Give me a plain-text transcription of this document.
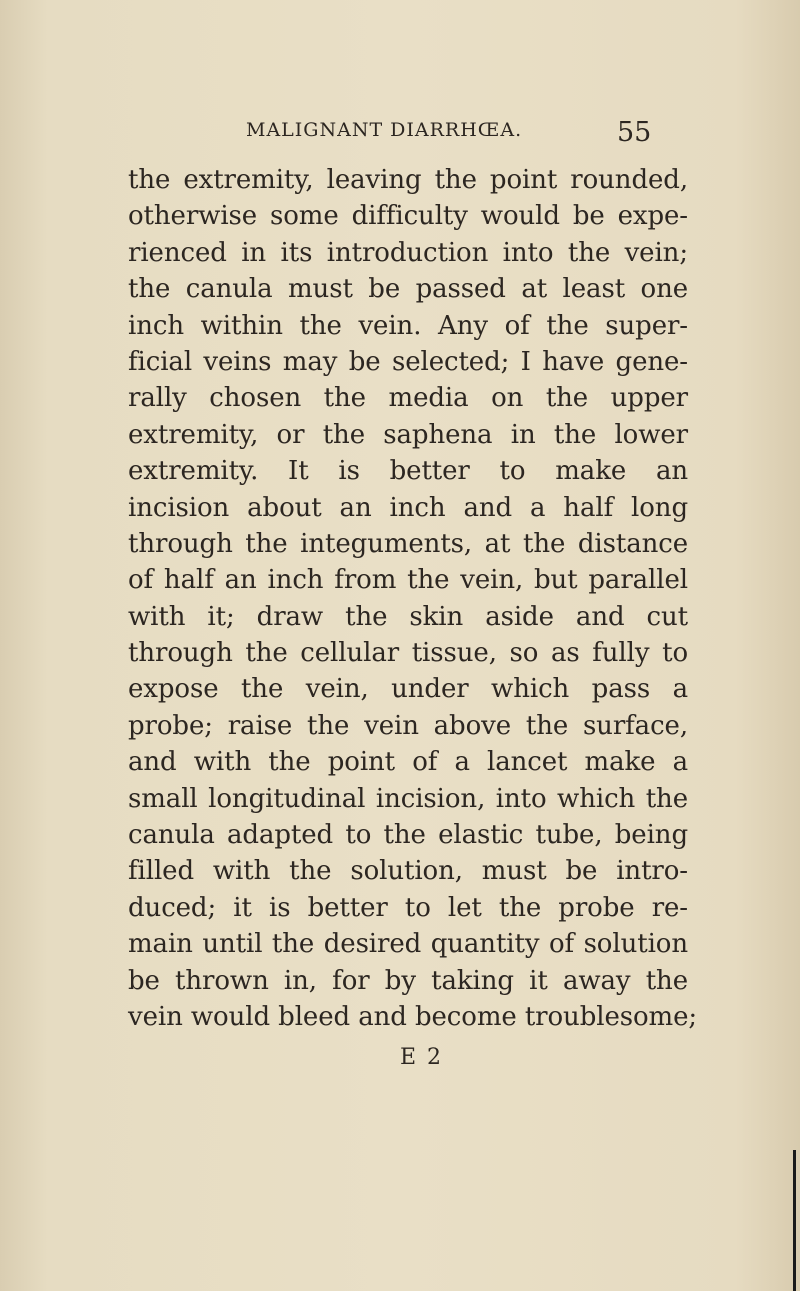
MALIGNANT DIARRHŒA.	55
the extremity, leaving the point rounded,
otherwise some difficulty would be expe-
rienced in its introduction into the vein;
the canula must be passed at least one
inch within the vein. Any of the super-
ficial veins may be selected; I have gene-
rally chosen the media on the upper
extremity, or the saphena in the lower
extremity. It is better to make an
incision about an inch and a half long
through the integuments, at the distance
of half an inch from the vein, but parallel
with it; draw the skin aside and cut
through the cellular tissue, so as fully to
expose the vein, under which pass a
probe; raise the vein above the surface,
and with the point of a lancet make a
small longitudinal incision, into which the
canula adapted to the elastic tube, being
filled with the solution, must be intro-
duced; it is better to let the probe re-
main until the desired quantity of solution
be thrown in, for by taking it away the
vein would bleed and become troublesome;
E 2
